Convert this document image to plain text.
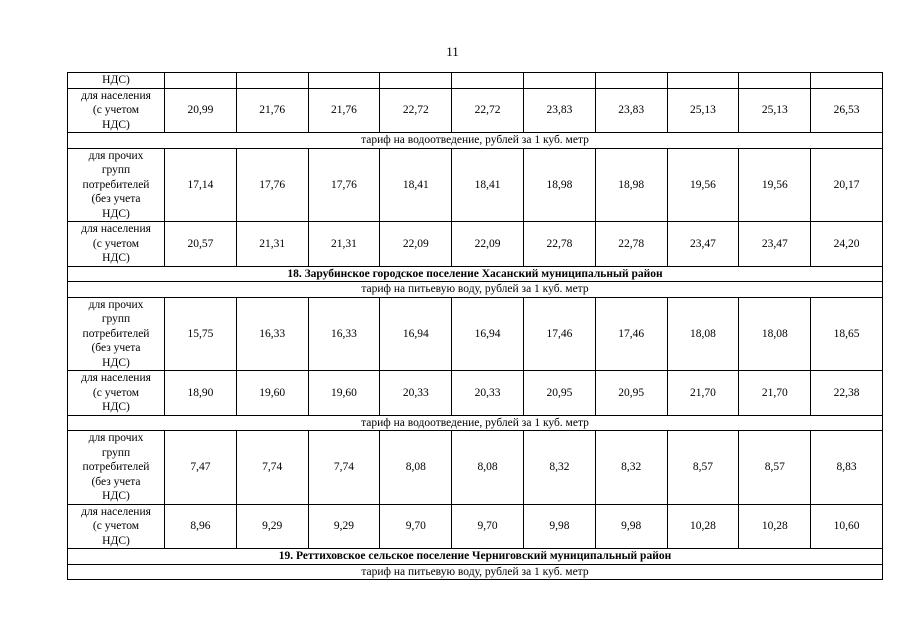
11
НДС)										
для населения
(с учетом
НДС)	20,99	21,76	21,76	22,72	22,72	23,83	23,83	25,13	25,13	26,53
тариф на водоотведение, рублей за 1 куб. метр										
для прочих
групп
потребителей
(без учета
НДС)	17,14	17,76	17,76	18,41	18,41	18,98	18,98	19,56	19,56	20,17
для населения
(с учетом
НДС)	20,57	21,31	21,31	22,09	22,09	22,78	22,78	23,47	23,47	24,20
18. Зарубинское городское поселение Хасанский муниципальный район										
тариф на питьевую воду, рублей за 1 куб. метр										
для прочих
групп
потребителей
(без учета
НДС)	15,75	16,33	16,33	16,94	16,94	17,46	17,46	18,08	18,08	18,65
для населения
(с учетом
НДС)	18,90	19,60	19,60	20,33	20,33	20,95	20,95	21,70	21,70	22,38
тариф на водоотведение, рублей за 1 куб. метр										
для прочих
групп
потребителей
(без учета
НДС)	7,47	7,74	7,74	8,08	8,08	8,32	8,32	8,57	8,57	8,83
для населения
(с учетом
НДС)	8,96	9,29	9,29	9,70	9,70	9,98	9,98	10,28	10,28	10,60
19. Реттиховское сельское поселение Черниговский муниципальный район										
тариф на питьевую воду, рублей за 1 куб. метр										
